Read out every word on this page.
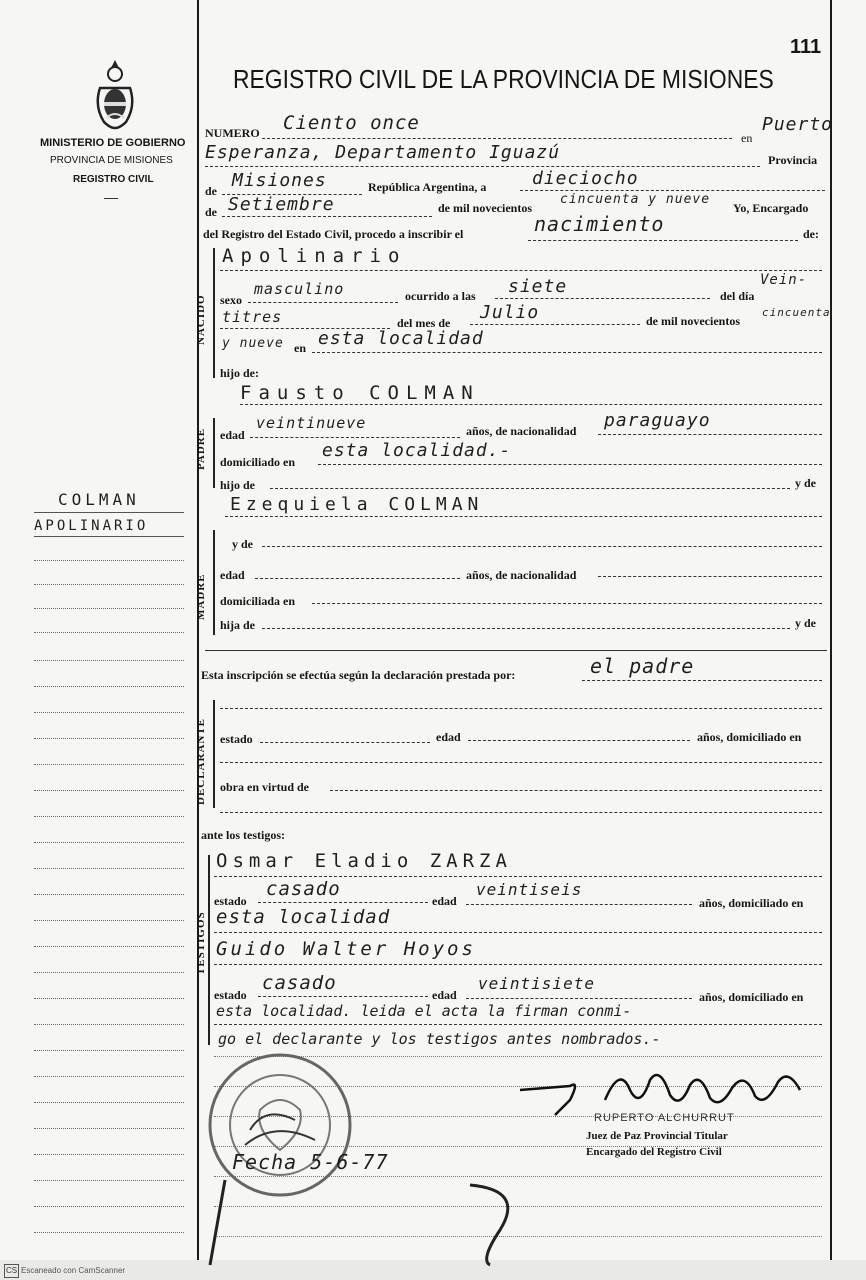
111
MINISTERIO DE GOBIERNO
PROVINCIA DE MISIONES
REGISTRO CIVIL
REGISTRO CIVIL DE LA PROVINCIA DE MISIONES
COLMAN
APOLINARIO
NUMERO Ciento once
en
Puerto
Esperanza, Departamento Iguazú	Provincia
de Misiones	República Argentina, a	dieciocho
de Setiembre	de mil novecientos
cincuenta y nueve
Yo, Encargado
del Registro del Estado Civil, procedo a inscribir el	nacimiento	de:
NACIDO
Apolinario
sexo
masculino	ocurrido a las siete	del día
Vein-
titres	del mes de Julio	de mil novecientos
cincuenta
y nueve en esta localidad
hijo de:
Fausto COLMAN
PADRE edad
veintinueve	años, de nacionalidad paraguayo
domiciliado en
esta localidad.-
hijo de	y de
Ezequiela COLMAN
y de
MADRE edad	años, de nacionalidad
domiciliada en
hija de	y de
Esta inscripción se efectúa según la declaración prestada por:	el padre
DECLARANTE estado	edad	años, domiciliado en
obra en virtud de
ante los testigos:
TESTIGOS
Osmar Eladio ZARZA
estado
casado
edad
veintiseis
años, domiciliado en
esta localidad
Guido Walter Hoyos
estado
casado
edad
veintisiete
años, domiciliado en
esta localidad. leida el acta la firman conmi-
go el declarante y los testigos antes nombrados.-
Fecha 5-6-77
RUPERTO ALCHURRUT
Juez de Paz Provincial Titular
Encargado del Registro Civil
CS Escaneado con CamScanner
